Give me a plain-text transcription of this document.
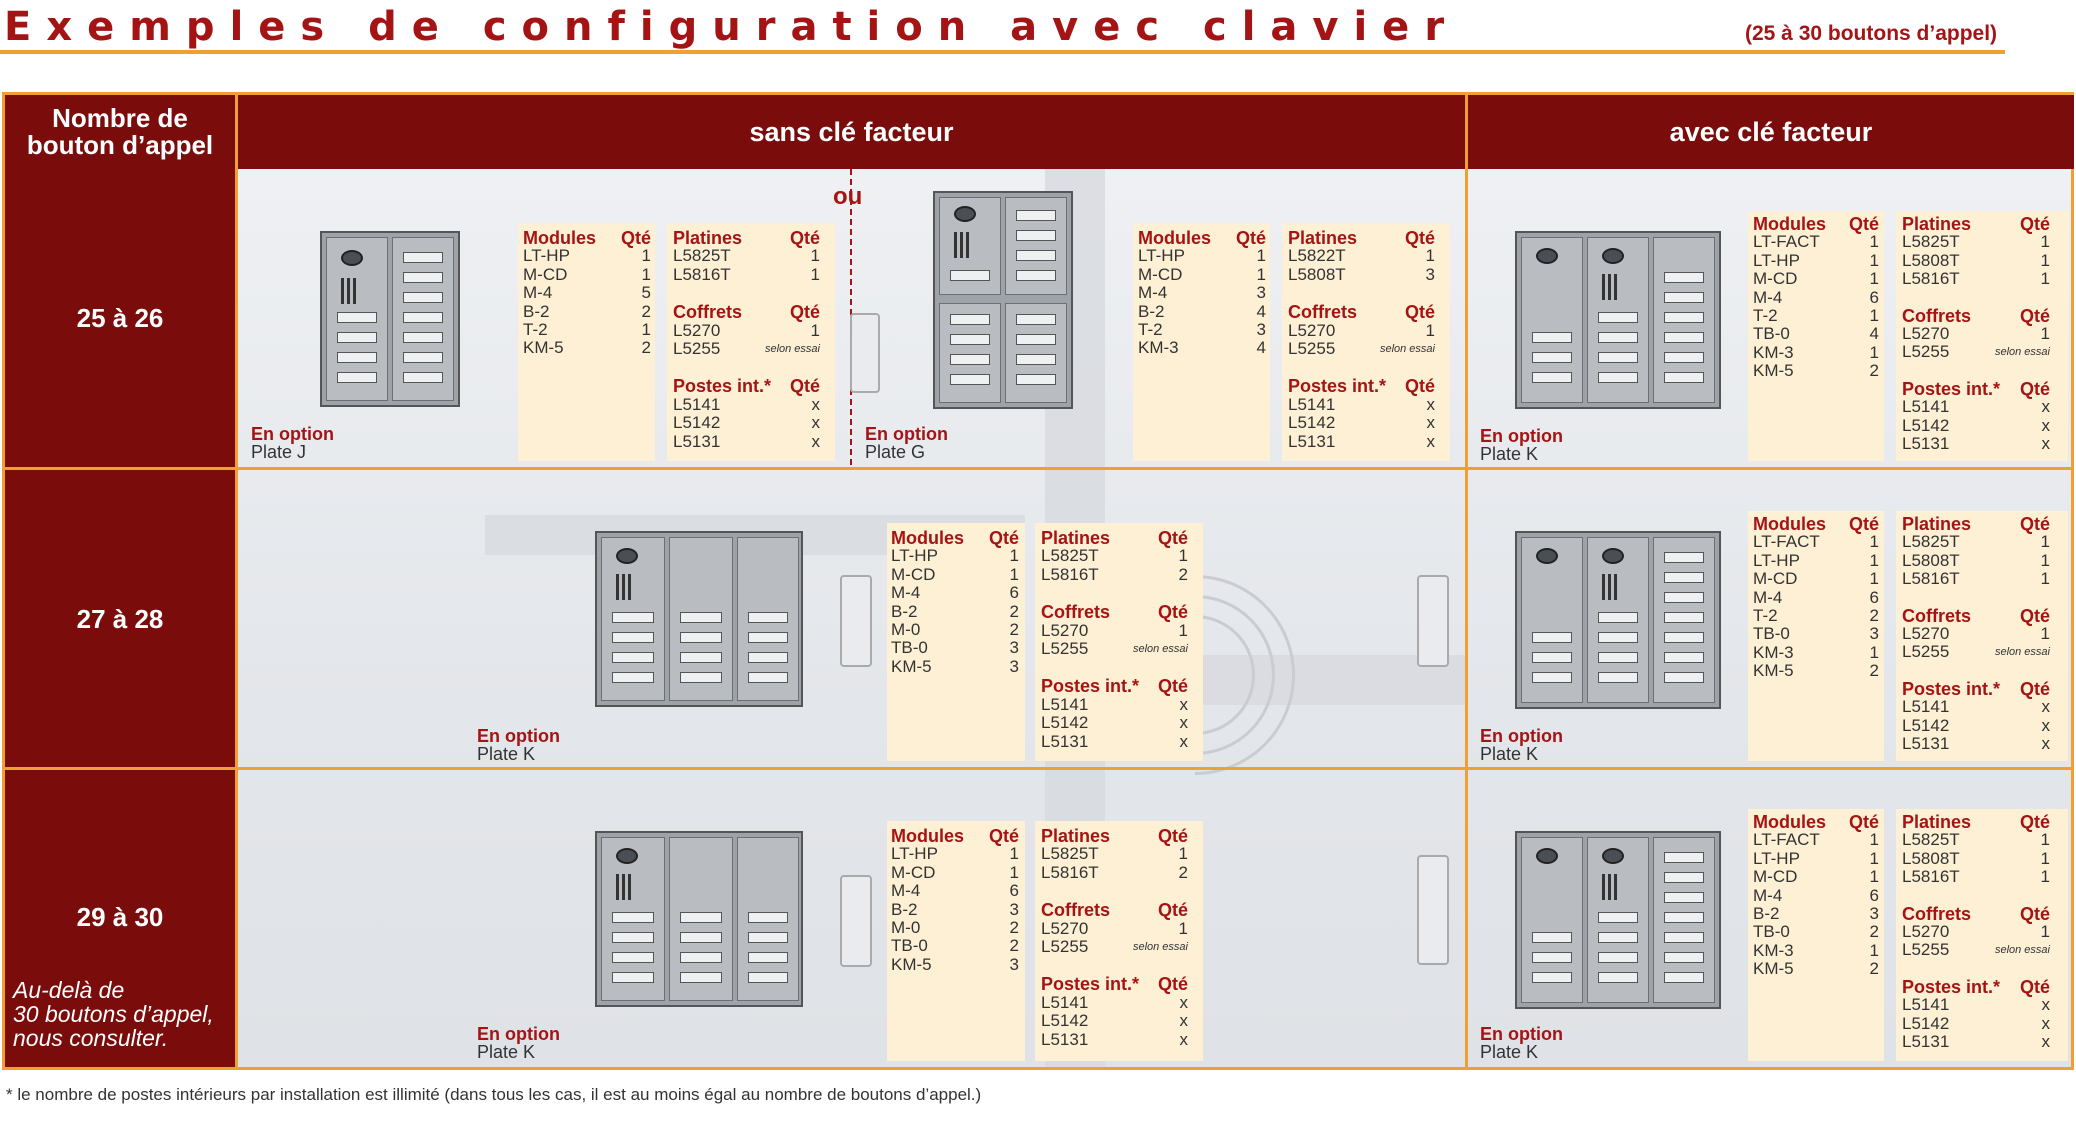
Exemples de configuration avec clavier	(25 à 30 boutons d’appel)
Nombre de
bouton d’appel	sans clé facteur	avec clé facteur
25 à 26
27 à 28
29 à 30
Au-delà de
30 boutons d’appel,
nous consulter.
ou
En option
Plate J
Modules Qté
LT-HP	1
M-CD	1
M-4	5
B-2	2
T-2	1
KM-5	2
Platines	Qté
L5825T	1
L5816T	1
Coffrets	Qté
L5270	1
L5255	selon essai
Postes int.* Qté
L5141	x
L5142	x
L5131	x	En option
Plate G
Modules Qté
LT-HP	1
M-CD	1
M-4	3
B-2	4
T-2	3
KM-3	4
Platines	Qté
L5822T	1
L5808T	3
Coffrets	Qté
L5270	1
L5255	selon essai
Postes int.* Qté
L5141	x
L5142	x
L5131	x	En option
Plate K
Modules Qté
LT-FACT	1
LT-HP	1
M-CD	1
M-4	6
T-2	1
TB-0	4
KM-3	1
KM-5	2
Platines	Qté
L5825T	1
L5808T	1
L5816T	1
Coffrets	Qté
L5270	1
L5255	selon essai
Postes int.* Qté
L5141	x
L5142	x
L5131	x
En option
Plate K
Modules Qté
LT-HP	1
M-CD	1
M-4	6
B-2	2
M-0	2
TB-0	3
KM-5	3
Platines	Qté
L5825T	1
L5816T	2
Coffrets	Qté
L5270	1
L5255	selon essai
Postes int.* Qté
L5141	x
L5142	x
L5131	x	En option
Plate K
Modules Qté
LT-FACT	1
LT-HP	1
M-CD	1
M-4	6
T-2	2
TB-0	3
KM-3	1
KM-5	2
Platines	Qté
L5825T	1
L5808T	1
L5816T	1
Coffrets	Qté
L5270	1
L5255	selon essai
Postes int.* Qté
L5141	x
L5142	x
L5131	x
En option
Plate K
Modules Qté
LT-HP	1
M-CD	1
M-4	6
B-2	3
M-0	2
TB-0	2
KM-5	3
Platines	Qté
L5825T	1
L5816T	2
Coffrets	Qté
L5270	1
L5255	selon essai
Postes int.* Qté
L5141	x
L5142	x
L5131	x	En option
Plate K
Modules Qté
LT-FACT	1
LT-HP	1
M-CD	1
M-4	6
B-2	3
TB-0	2
KM-3	1
KM-5	2
Platines	Qté
L5825T	1
L5808T	1
L5816T	1
Coffrets	Qté
L5270	1
L5255	selon essai
Postes int.* Qté
L5141	x
L5142	x
L5131	x
* le nombre de postes intérieurs par installation est illimité (dans tous les cas, il est au moins égal au nombre de boutons d’appel.)
